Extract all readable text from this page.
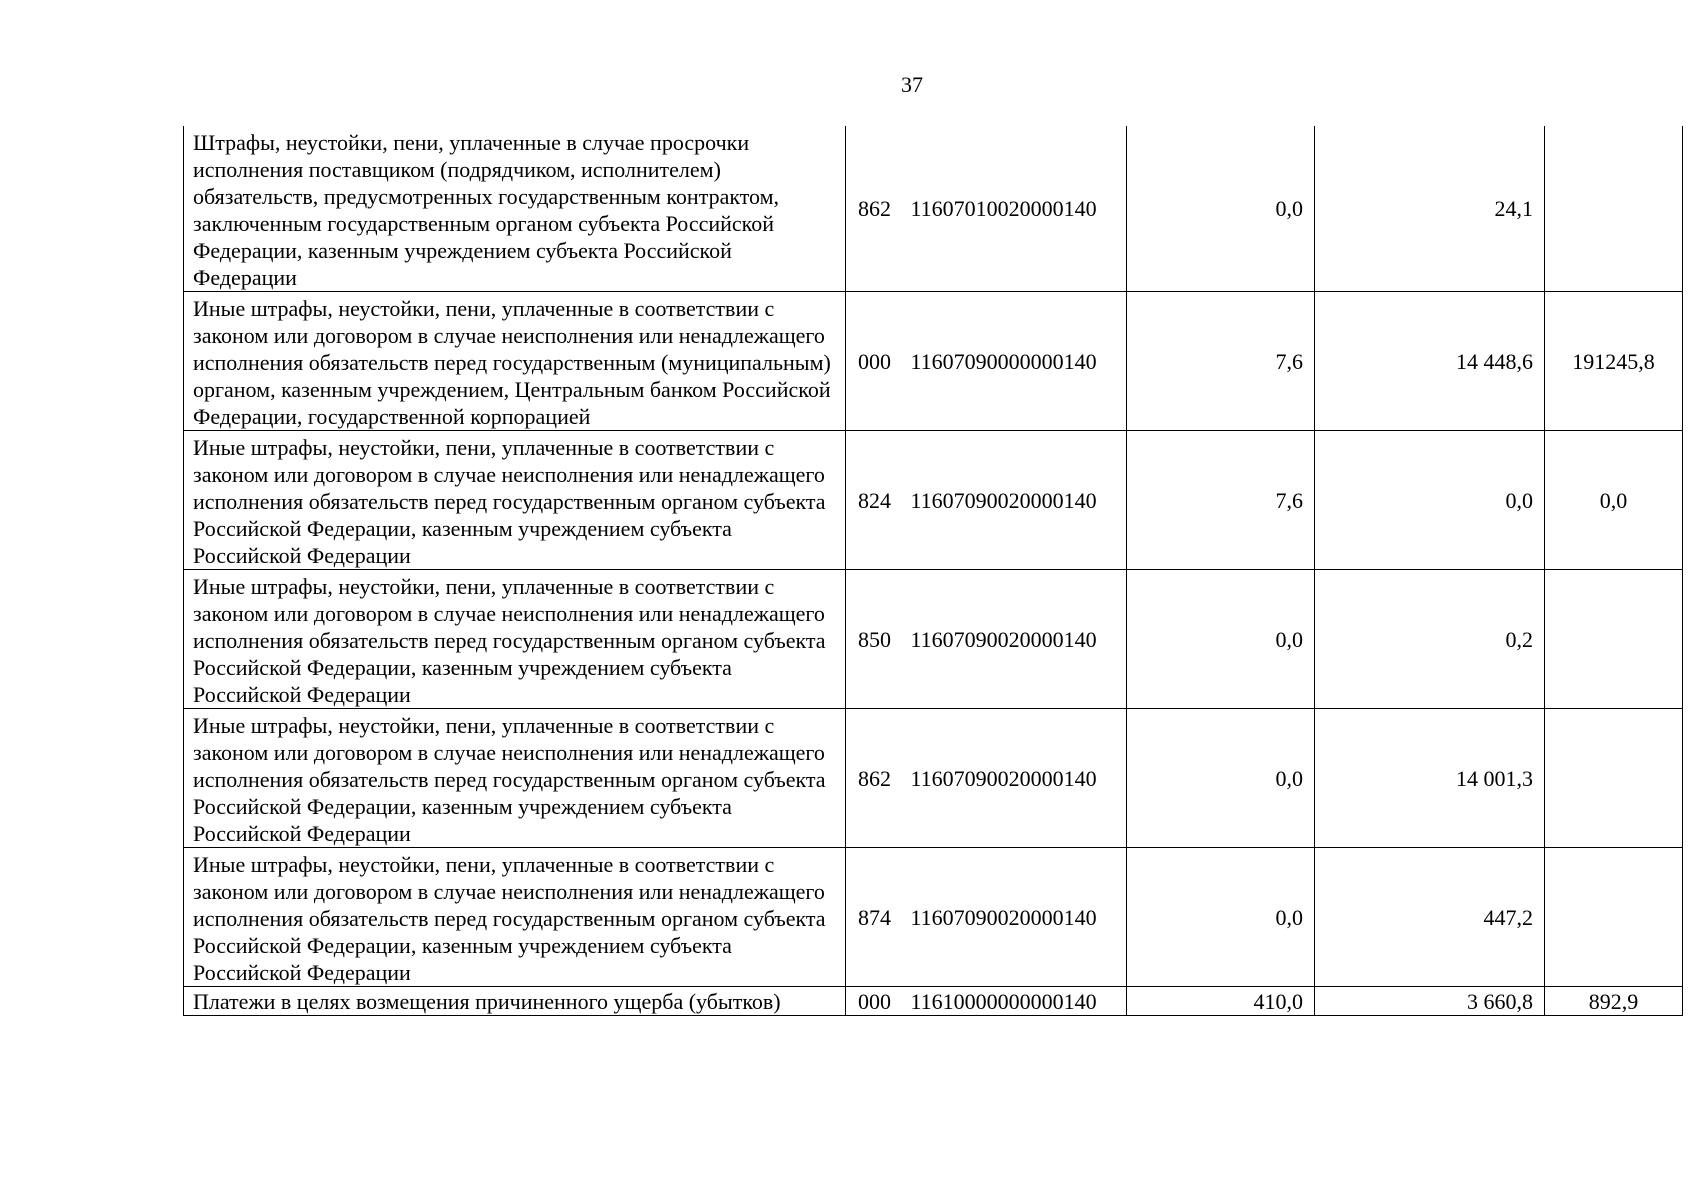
37
Штрафы, неустойки, пени, уплаченные в случае просрочки исполнения поставщиком (подрядчиком, исполнителем) обязательств, предусмотренных государственным контрактом, заключенным государственным органом субъекта Российской Федерации, казенным учреждением субъекта Российской Федерации	862	11607010020000140	0,0	24,1	
Иные штрафы, неустойки, пени, уплаченные в соответствии с законом или договором в случае неисполнения или ненадлежащего исполнения обязательств перед государственным (муниципальным) органом, казенным учреждением, Центральным банком Российской Федерации, государственной корпорацией	000	11607090000000140	7,6	14 448,6	191245,8
Иные штрафы, неустойки, пени, уплаченные в соответствии с законом или договором в случае неисполнения или ненадлежащего исполнения обязательств перед государственным органом субъекта Российской Федерации, казенным учреждением субъекта Российской Федерации	824	11607090020000140	7,6	0,0	0,0
Иные штрафы, неустойки, пени, уплаченные в соответствии с законом или договором в случае неисполнения или ненадлежащего исполнения обязательств перед государственным органом субъекта Российской Федерации, казенным учреждением субъекта Российской Федерации	850	11607090020000140	0,0	0,2	
Иные штрафы, неустойки, пени, уплаченные в соответствии с законом или договором в случае неисполнения или ненадлежащего исполнения обязательств перед государственным органом субъекта Российской Федерации, казенным учреждением субъекта Российской Федерации	862	11607090020000140	0,0	14 001,3	
Иные штрафы, неустойки, пени, уплаченные в соответствии с законом или договором в случае неисполнения или ненадлежащего исполнения обязательств перед государственным органом субъекта Российской Федерации, казенным учреждением субъекта Российской Федерации	874	11607090020000140	0,0	447,2	
Платежи в целях возмещения причиненного ущерба (убытков)	000	11610000000000140	410,0	3 660,8	892,9
